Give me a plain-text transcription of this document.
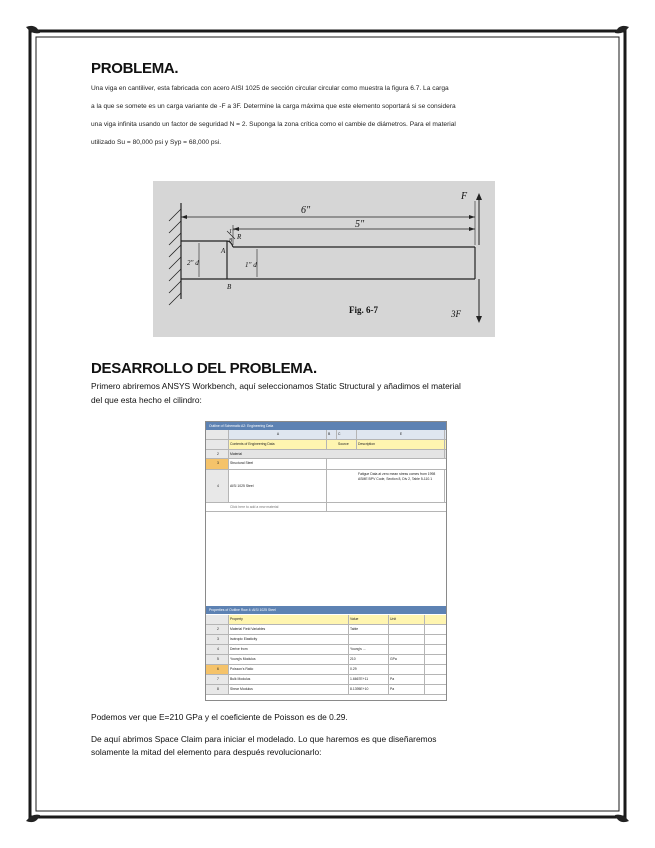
PROBLEMA.
Una viga en cantiliver, esta fabricada con acero AISI 1025 de sección circular circular como muestra la figura 6.7. La carga
a la que se somete es un carga variante de -F a 3F. Determine la carga máxima que este elemento soportará si se considera
una viga infinita usando un factor de seguridad N = 2. Suponga la zona crítica como el cambie de diámetros. Para el material
utilizado Su = 80,000 psi y Syp = 68,000 psi.
6"
5"
1"
8 R
2" d	1" d
A
B
F
3F
Fig. 6-7
DESARROLLO DEL PROBLEMA.
Primero abriremos ANSYS Workbench, aquí seleccionamos Static Structural y añadimos el material
del que esta hecho el cilindro:
Outline of Schematic A2: Engineering Data
A	B	C	E
Contents of Engineering Data	Source	Description
2	Material
3	Structural Steel
4	AISI 1025 Steel
Fatigue Data at zero mean stress comes from 1998 ASME BPV Code, Section 8, Div 2, Table 5-110.1
Click here to add a new material
Properties of Outline Row 4: AISI 1025 Steel
Property	Value	Unit
2	Material Field Variables	Table
3	Isotropic Elasticity
4	Derive from	Young's ...
5	Young's Modulus	210	GPa
6	Poisson's Ratio	0.29
7	Bulk Modulus	1.6667E+11	Pa
8	Shear Modulus	8.1395E+10	Pa
Podemos ver que E=210 GPa y el coeficiente de Poisson es de 0.29.
De aquí abrimos Space Claim para iniciar el modelado. Lo que haremos es que diseñaremos
solamente la mitad del elemento para después revolucionarlo:
